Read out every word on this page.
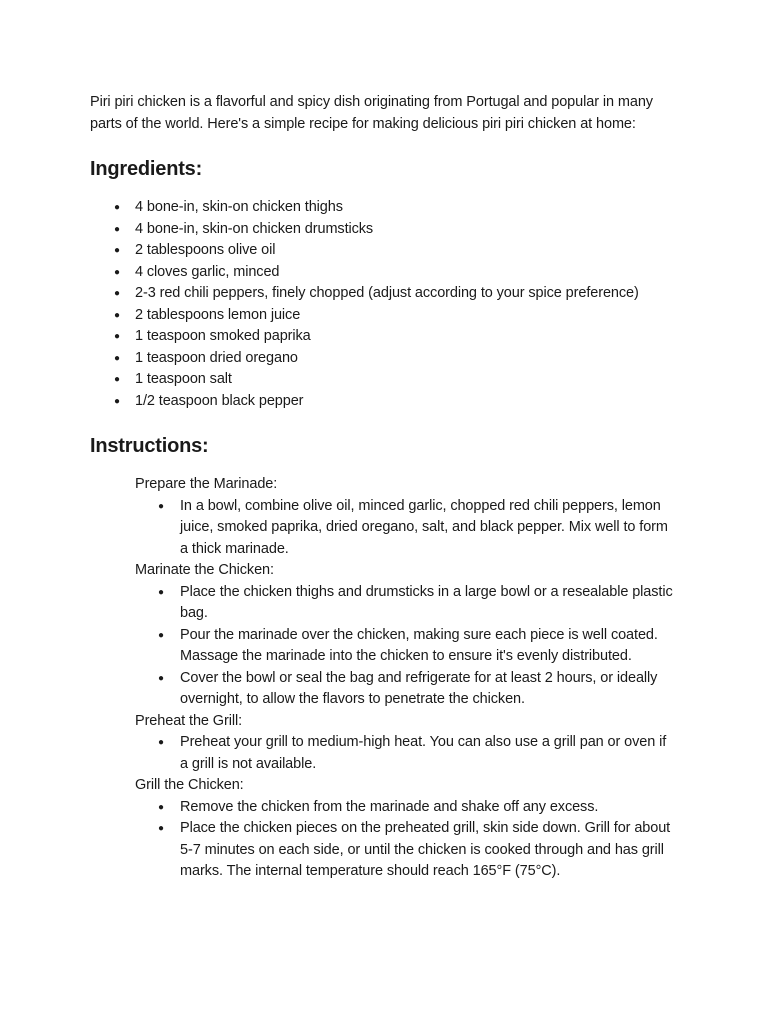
Piri piri chicken is a flavorful and spicy dish originating from Portugal and popular in many parts of the world. Here's a simple recipe for making delicious piri piri chicken at home:

Ingredients:
● 4 bone-in, skin-on chicken thighs
● 4 bone-in, skin-on chicken drumsticks
● 2 tablespoons olive oil
● 4 cloves garlic, minced
● 2-3 red chili peppers, finely chopped (adjust according to your spice preference)
● 2 tablespoons lemon juice
● 1 teaspoon smoked paprika
● 1 teaspoon dried oregano
● 1 teaspoon salt
● 1/2 teaspoon black pepper
Instructions:
Prepare the Marinade:
● In a bowl, combine olive oil, minced garlic, chopped red chili peppers, lemon juice, smoked paprika, dried oregano, salt, and black pepper. Mix well to form a thick marinade.
Marinate the Chicken:
● Place the chicken thighs and drumsticks in a large bowl or a resealable plastic bag.
● Pour the marinade over the chicken, making sure each piece is well coated. Massage the marinade into the chicken to ensure it's evenly distributed.
● Cover the bowl or seal the bag and refrigerate for at least 2 hours, or ideally overnight, to allow the flavors to penetrate the chicken.
Preheat the Grill:
● Preheat your grill to medium-high heat. You can also use a grill pan or oven if a grill is not available.
Grill the Chicken:
● Remove the chicken from the marinade and shake off any excess.
● Place the chicken pieces on the preheated grill, skin side down. Grill for about 5-7 minutes on each side, or until the chicken is cooked through and has grill marks. The internal temperature should reach 165°F (75°C).
